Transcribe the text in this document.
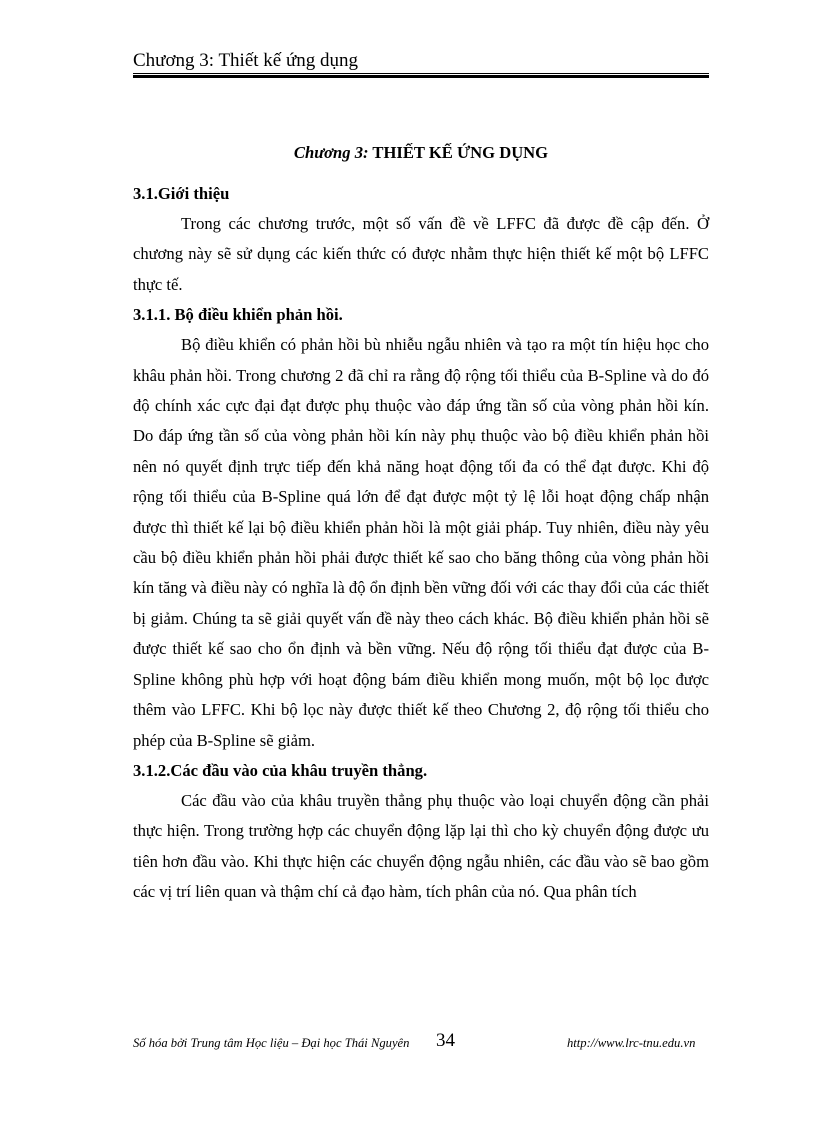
Chương 3: Thiết kế ứng dụng

Chương 3: THIẾT KẾ ỨNG DỤNG

3.1.Giới thiệu

Trong các chương trước, một số vấn đề về LFFC đã được đề cập đến. Ở chương này sẽ sử dụng các kiến thức có được nhằm thực hiện thiết kế một bộ LFFC thực tế.

3.1.1. Bộ điều khiển phản hồi.

Bộ điều khiển có phản hồi bù nhiễu ngẫu nhiên và tạo ra một tín hiệu học cho khâu phản hồi. Trong chương 2 đã chỉ ra rằng độ rộng tối thiểu của B-Spline và do đó độ chính xác cực đại đạt được phụ thuộc vào đáp ứng tần số của vòng phản hồi kín. Do đáp ứng tần số của vòng phản hồi kín này phụ thuộc vào bộ điều khiển phản hồi nên nó quyết định trực tiếp đến khả năng hoạt động tối đa có thể đạt được. Khi độ rộng tối thiểu của B-Spline quá lớn để đạt được một tỷ lệ lỗi hoạt động chấp nhận được thì thiết kế lại bộ điều khiển phản hồi là một giải pháp. Tuy nhiên, điều này yêu cầu bộ điều khiển phản hồi phải được thiết kế sao cho băng thông của vòng phản hồi kín tăng và điều này có nghĩa là độ ổn định bền vững đối với các thay đổi của các thiết bị giảm. Chúng ta sẽ giải quyết vấn đề này theo cách khác. Bộ điều khiển phản hồi sẽ được thiết kế sao cho ổn định và bền vững. Nếu độ rộng tối thiểu đạt được của B-Spline không phù hợp với hoạt động bám điều khiển mong muốn, một bộ lọc được thêm vào LFFC. Khi bộ lọc này được thiết kế theo Chương 2, độ rộng tối thiểu cho phép của B-Spline sẽ giảm.

3.1.2.Các đầu vào của khâu truyền thẳng.

Các đầu vào của khâu truyền thẳng phụ thuộc vào loại chuyển động cần phải thực hiện. Trong trường hợp các chuyển động lặp lại thì cho kỳ chuyển động được ưu tiên hơn đầu vào. Khi thực hiện các chuyển động ngẫu nhiên, các đầu vào sẽ bao gồm các vị trí liên quan và thậm chí cả đạo hàm, tích phân của nó. Qua phân tích

Số hóa bởi Trung tâm Học liệu – Đại học Thái Nguyên 34	http://www.lrc-tnu.edu.vn
